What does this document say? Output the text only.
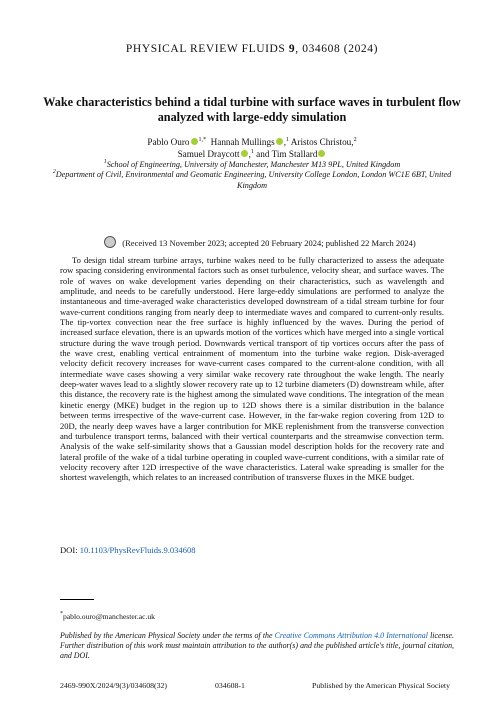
PHYSICAL REVIEW FLUIDS 9, 034608 (2024)
Wake characteristics behind a tidal turbine with surface waves in turbulent flow analyzed with large-eddy simulation
Pablo Ouro $^{1,*}$ Hannah Mullings ,$^1$ Aristos Christou,$^2$
Samuel Draycott ,$^1$ and Tim Stallard
$^1$School of Engineering, University of Manchester, Manchester M13 9PL, United Kingdom
$^2$Department of Civil, Environmental and Geomatic Engineering, University College London, London WC1E 6BT, United Kingdom
(Received 13 November 2023; accepted 20 February 2024; published 22 March 2024)
To design tidal stream turbine arrays, turbine wakes need to be fully characterized to assess the adequate row spacing considering environmental factors such as onset turbulence, velocity shear, and surface waves. The role of waves on wake development varies depending on their characteristics, such as wavelength and amplitude, and needs to be carefully understood. Here large-eddy simulations are performed to analyze the instantaneous and time-averaged wake characteristics developed downstream of a tidal stream turbine for four wave-current conditions ranging from nearly deep to intermediate waves and compared to current-only results. The tip-vortex convection near the free surface is highly influenced by the waves. During the period of increased surface elevation, there is an upwards motion of the vortices which have merged into a single vortical structure during the wave trough period. Downwards vertical transport of tip vortices occurs after the pass of the wave crest, enabling vertical entrainment of momentum into the turbine wake region. Disk-averaged velocity deficit recovery increases for wave-current cases compared to the current-alone condition, with all intermediate wave cases showing a very similar wake recovery rate throughout the wake length. The nearly deep-water waves lead to a slightly slower recovery rate up to 12 turbine diameters (D) downstream while, after this distance, the recovery rate is the highest among the simulated wave conditions. The integration of the mean kinetic energy (MKE) budget in the region up to 12D shows there is a similar distribution in the balance between terms irrespective of the wave-current case. However, in the far-wake region covering from 12D to 20D, the nearly deep waves have a larger contribution for MKE replenishment from the transverse convection and turbulence transport terms, balanced with their vertical counterparts and the streamwise convection term. Analysis of the wake self-similarity shows that a Gaussian model description holds for the recovery rate and lateral profile of the wake of a tidal turbine operating in coupled wave-current conditions, with a similar rate of velocity recovery after 12D irrespective of the wave characteristics. Lateral wake spreading is smaller for the shortest wavelength, which relates to an increased contribution of transverse fluxes in the MKE budget.
DOI: 10.1103/PhysRevFluids.9.034608
*pablo.ouro@manchester.ac.uk
Published by the American Physical Society under the terms of the Creative Commons Attribution 4.0 International license. Further distribution of this work must maintain attribution to the author(s) and the published article's title, journal citation, and DOI.
2469-990X/2024/9(3)/034608(32)	034608-1	Published by the American Physical Society
